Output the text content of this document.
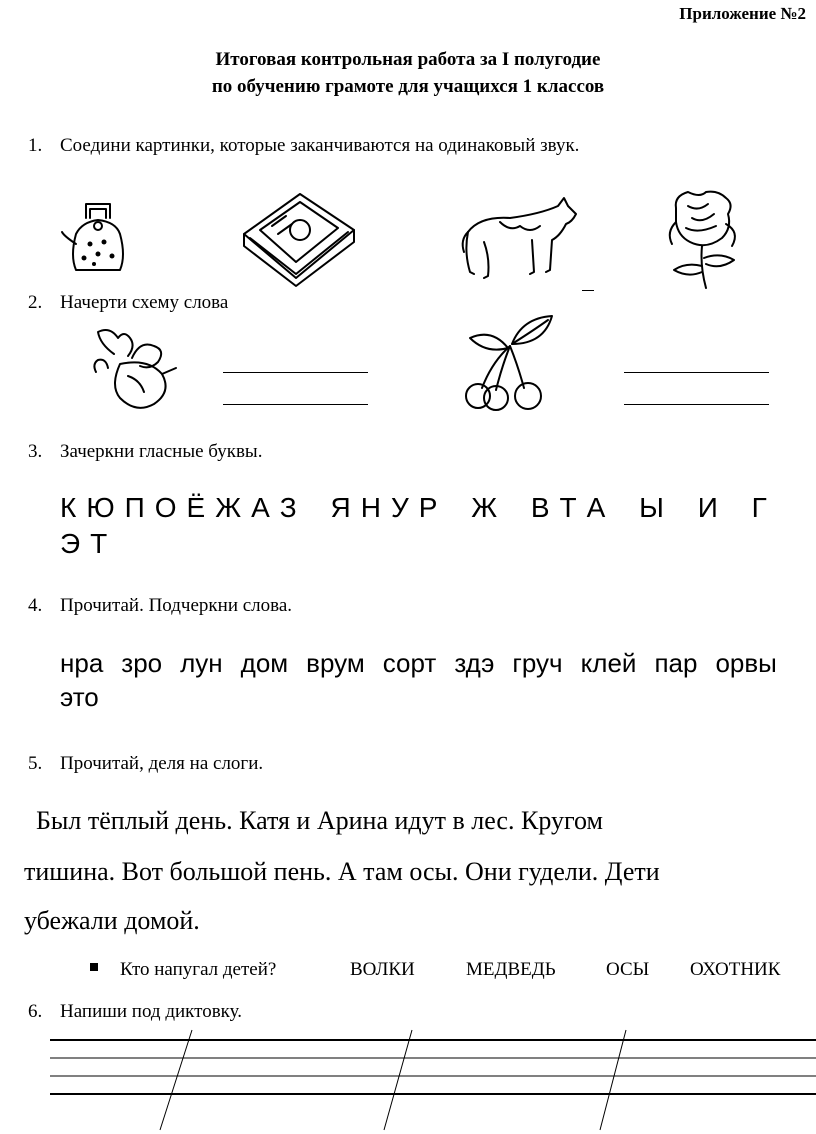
Приложение №2
Итоговая контрольная работа за I полугодие
по обучению грамоте для учащихся 1 классов
1. Соедини картинки, которые заканчиваются на одинаковый звук.
2. Начерти схему слова
3. Зачеркни гласные буквы.
К Ю П О Ё Ж А З Я Н У Р Ж В Т А Ы И Г
Э Т
4. Прочитай. Подчеркни слова.
нра зро лун дом врум сорт здэ груч клей пар орвы
это
5. Прочитай, деля на слоги.
Был тёплый день. Катя и Арина идут в лес. Кругом
тишина. Вот большой пень. А там осы. Они гудели. Дети
убежали домой.
Кто напугал детей?	ВОЛКИ	МЕДВЕДЬ	ОСЫ ОХОТНИК
6. Напиши под диктовку.
